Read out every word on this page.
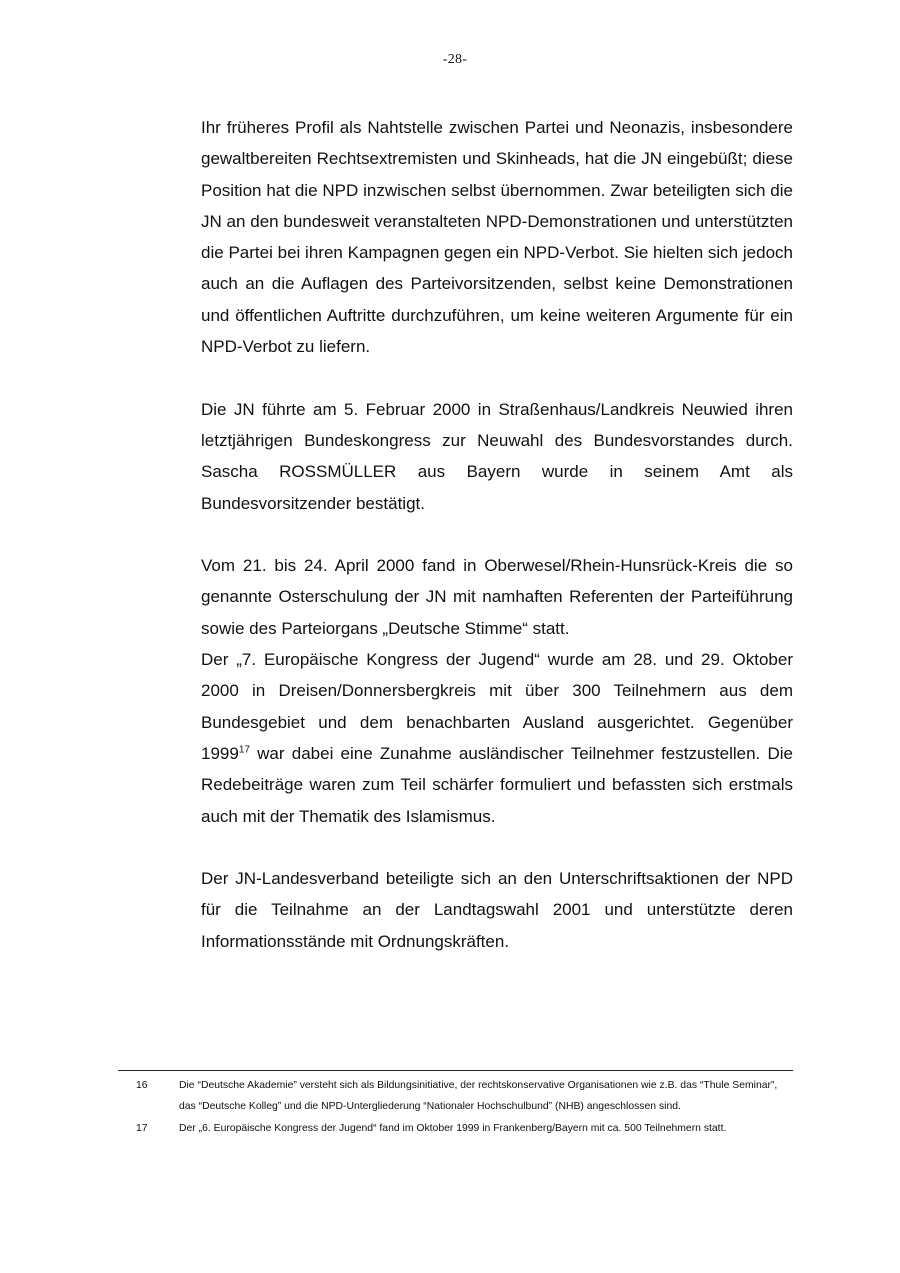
-28-

Ihr früheres Profil als Nahtstelle zwischen Partei und Neonazis, insbesondere gewaltbereiten Rechtsextremisten und Skinheads, hat die JN eingebüßt; diese Position hat die NPD inzwischen selbst übernommen. Zwar beteiligten sich die JN an den bundesweit veranstalteten NPD-Demonstrationen und unterstützten die Partei bei ihren Kampagnen gegen ein NPD-Verbot. Sie hielten sich jedoch auch an die Auflagen des Parteivorsitzenden, selbst keine Demonstrationen und öffentlichen Auftritte durchzuführen, um keine weiteren Argumente für ein NPD-Verbot zu liefern.

Die JN führte am 5. Februar 2000 in Straßenhaus/Landkreis Neuwied ihren letztjährigen Bundeskongress zur Neuwahl des Bundesvorstandes durch. Sascha ROSSMÜLLER aus Bayern wurde in seinem Amt als Bundesvorsitzender bestätigt.

Vom 21. bis 24. April 2000 fand in Oberwesel/Rhein-Hunsrück-Kreis die so genannte Osterschulung der JN mit namhaften Referenten der Parteiführung sowie des Parteiorgans „Deutsche Stimme“ statt.

Der „7. Europäische Kongress der Jugend“ wurde am 28. und 29. Oktober 2000 in Dreisen/Donnersbergkreis mit über 300 Teilnehmern aus dem Bundesgebiet und dem benachbarten Ausland ausgerichtet. Gegenüber 1999$^{17}$ war dabei eine Zunahme ausländischer Teilnehmer festzustellen. Die Redebeiträge waren zum Teil schärfer formuliert und befassten sich erstmals auch mit der Thematik des Islamismus.

Der JN-Landesverband beteiligte sich an den Unterschriftsaktionen der NPD für die Teilnahme an der Landtagswahl 2001 und unterstützte deren Informationsstände mit Ordnungskräften.

16	Die “Deutsche Akademie” versteht sich als Bildungsinitiative, der rechtskonservative Organisationen wie z.B. das “Thule Seminar”, das “Deutsche Kolleg” und die NPD-Untergliederung “Nationaler Hochschulbund” (NHB) angeschlossen sind.
17	Der „6. Europäische Kongress der Jugend“ fand im Oktober 1999 in Frankenberg/Bayern mit ca. 500 Teilnehmern statt.
